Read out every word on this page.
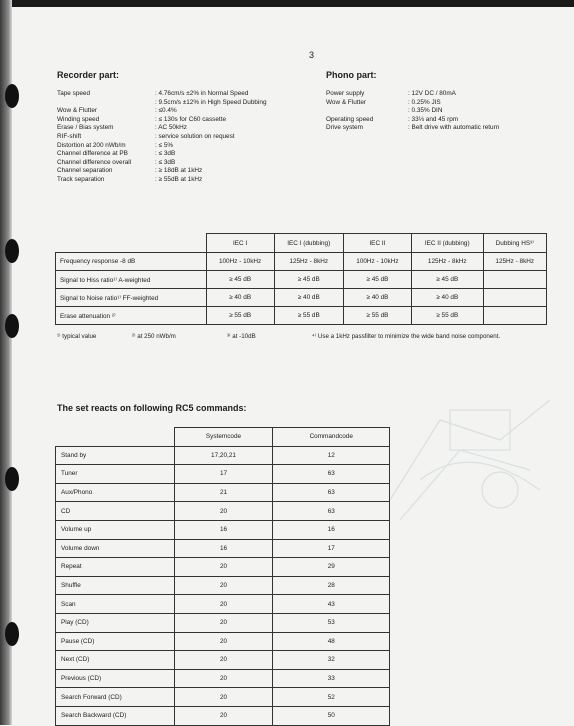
3
Recorder part:
Tape speed	: 4.76cm/s ±2% in Normal Speed
: 9.5cm/s ±12% in High Speed Dubbing
Wow & Flutter	: ≤0.4%
Winding speed	: ≤ 130s for C60 cassette
Erase / Bias system	: AC 50kHz
RIF-shift	: service solution on request
Distortion at 200 nWb/m	: ≤ 5%
Channel difference at PB	: ≤ 3dB
Channel difference overall	: ≤ 3dB
Channel separation	: ≥ 18dB at 1kHz
Track separation	: ≥ 55dB at 1kHz
Phono part:
Power supply	: 12V DC / 80mA
Wow & Flutter	: 0.25% JIS
: 0.35% DIN
Operating speed	: 33⅓ and 45 rpm
Drive system	: Belt drive with automatic return
	IEC I	IEC I (dubbing)	IEC II	IEC II (dubbing)	Dubbing HS³⁾
Frequency response -8 dB	100Hz - 10kHz	125Hz - 8kHz	100Hz - 10kHz	125Hz - 8kHz	125Hz - 8kHz
Signal to Hiss ratio¹⁾ A-weighted	≥ 45 dB	≥ 45 dB	≥ 45 dB	≥ 45 dB	
Signal to Noise ratio¹⁾ FF-weighted	≥ 40 dB	≥ 40 dB	≥ 40 dB	≥ 40 dB	
Erase attenuation ²⁾	≥ 55 dB	≥ 55 dB	≥ 55 dB	≥ 55 dB	
¹⁾ typical value	²⁾ at 250 nWb/m	³⁾ at -10dB	⁴⁾ Use a 1kHz passfilter to minimize the wide band noise component.
The set reacts on following RC5 commands:
	Systemcode	Commandcode
Stand by	17,20,21	12
Tuner	17	63
Aux/Phono	21	63
CD	20	63
Volume up	16	16
Volume down	16	17
Repeat	20	29
Shuffle	20	28
Scan	20	43
Play (CD)	20	53
Pause (CD)	20	48
Next (CD)	20	32
Previous (CD)	20	33
Search Forward (CD)	20	52
Search Backward (CD)	20	50
